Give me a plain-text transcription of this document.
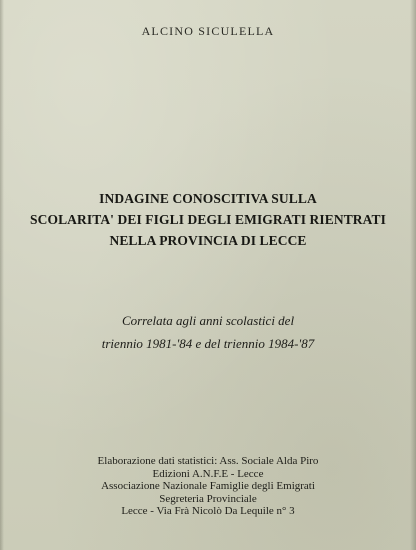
ALCINO SICULELLA
INDAGINE CONOSCITIVA SULLA
SCOLARITA' DEI FIGLI DEGLI EMIGRATI RIENTRATI
NELLA PROVINCIA DI LECCE
Correlata agli anni scolastici del
triennio 1981-'84 e del triennio 1984-'87
Elaborazione dati statistici: Ass. Sociale Alda Piro
Edizioni A.N.F.E - Lecce
Associazione Nazionale Famiglie degli Emigrati
Segreteria Provinciale
Lecce - Via Frà Nicolò Da Lequile n° 3
